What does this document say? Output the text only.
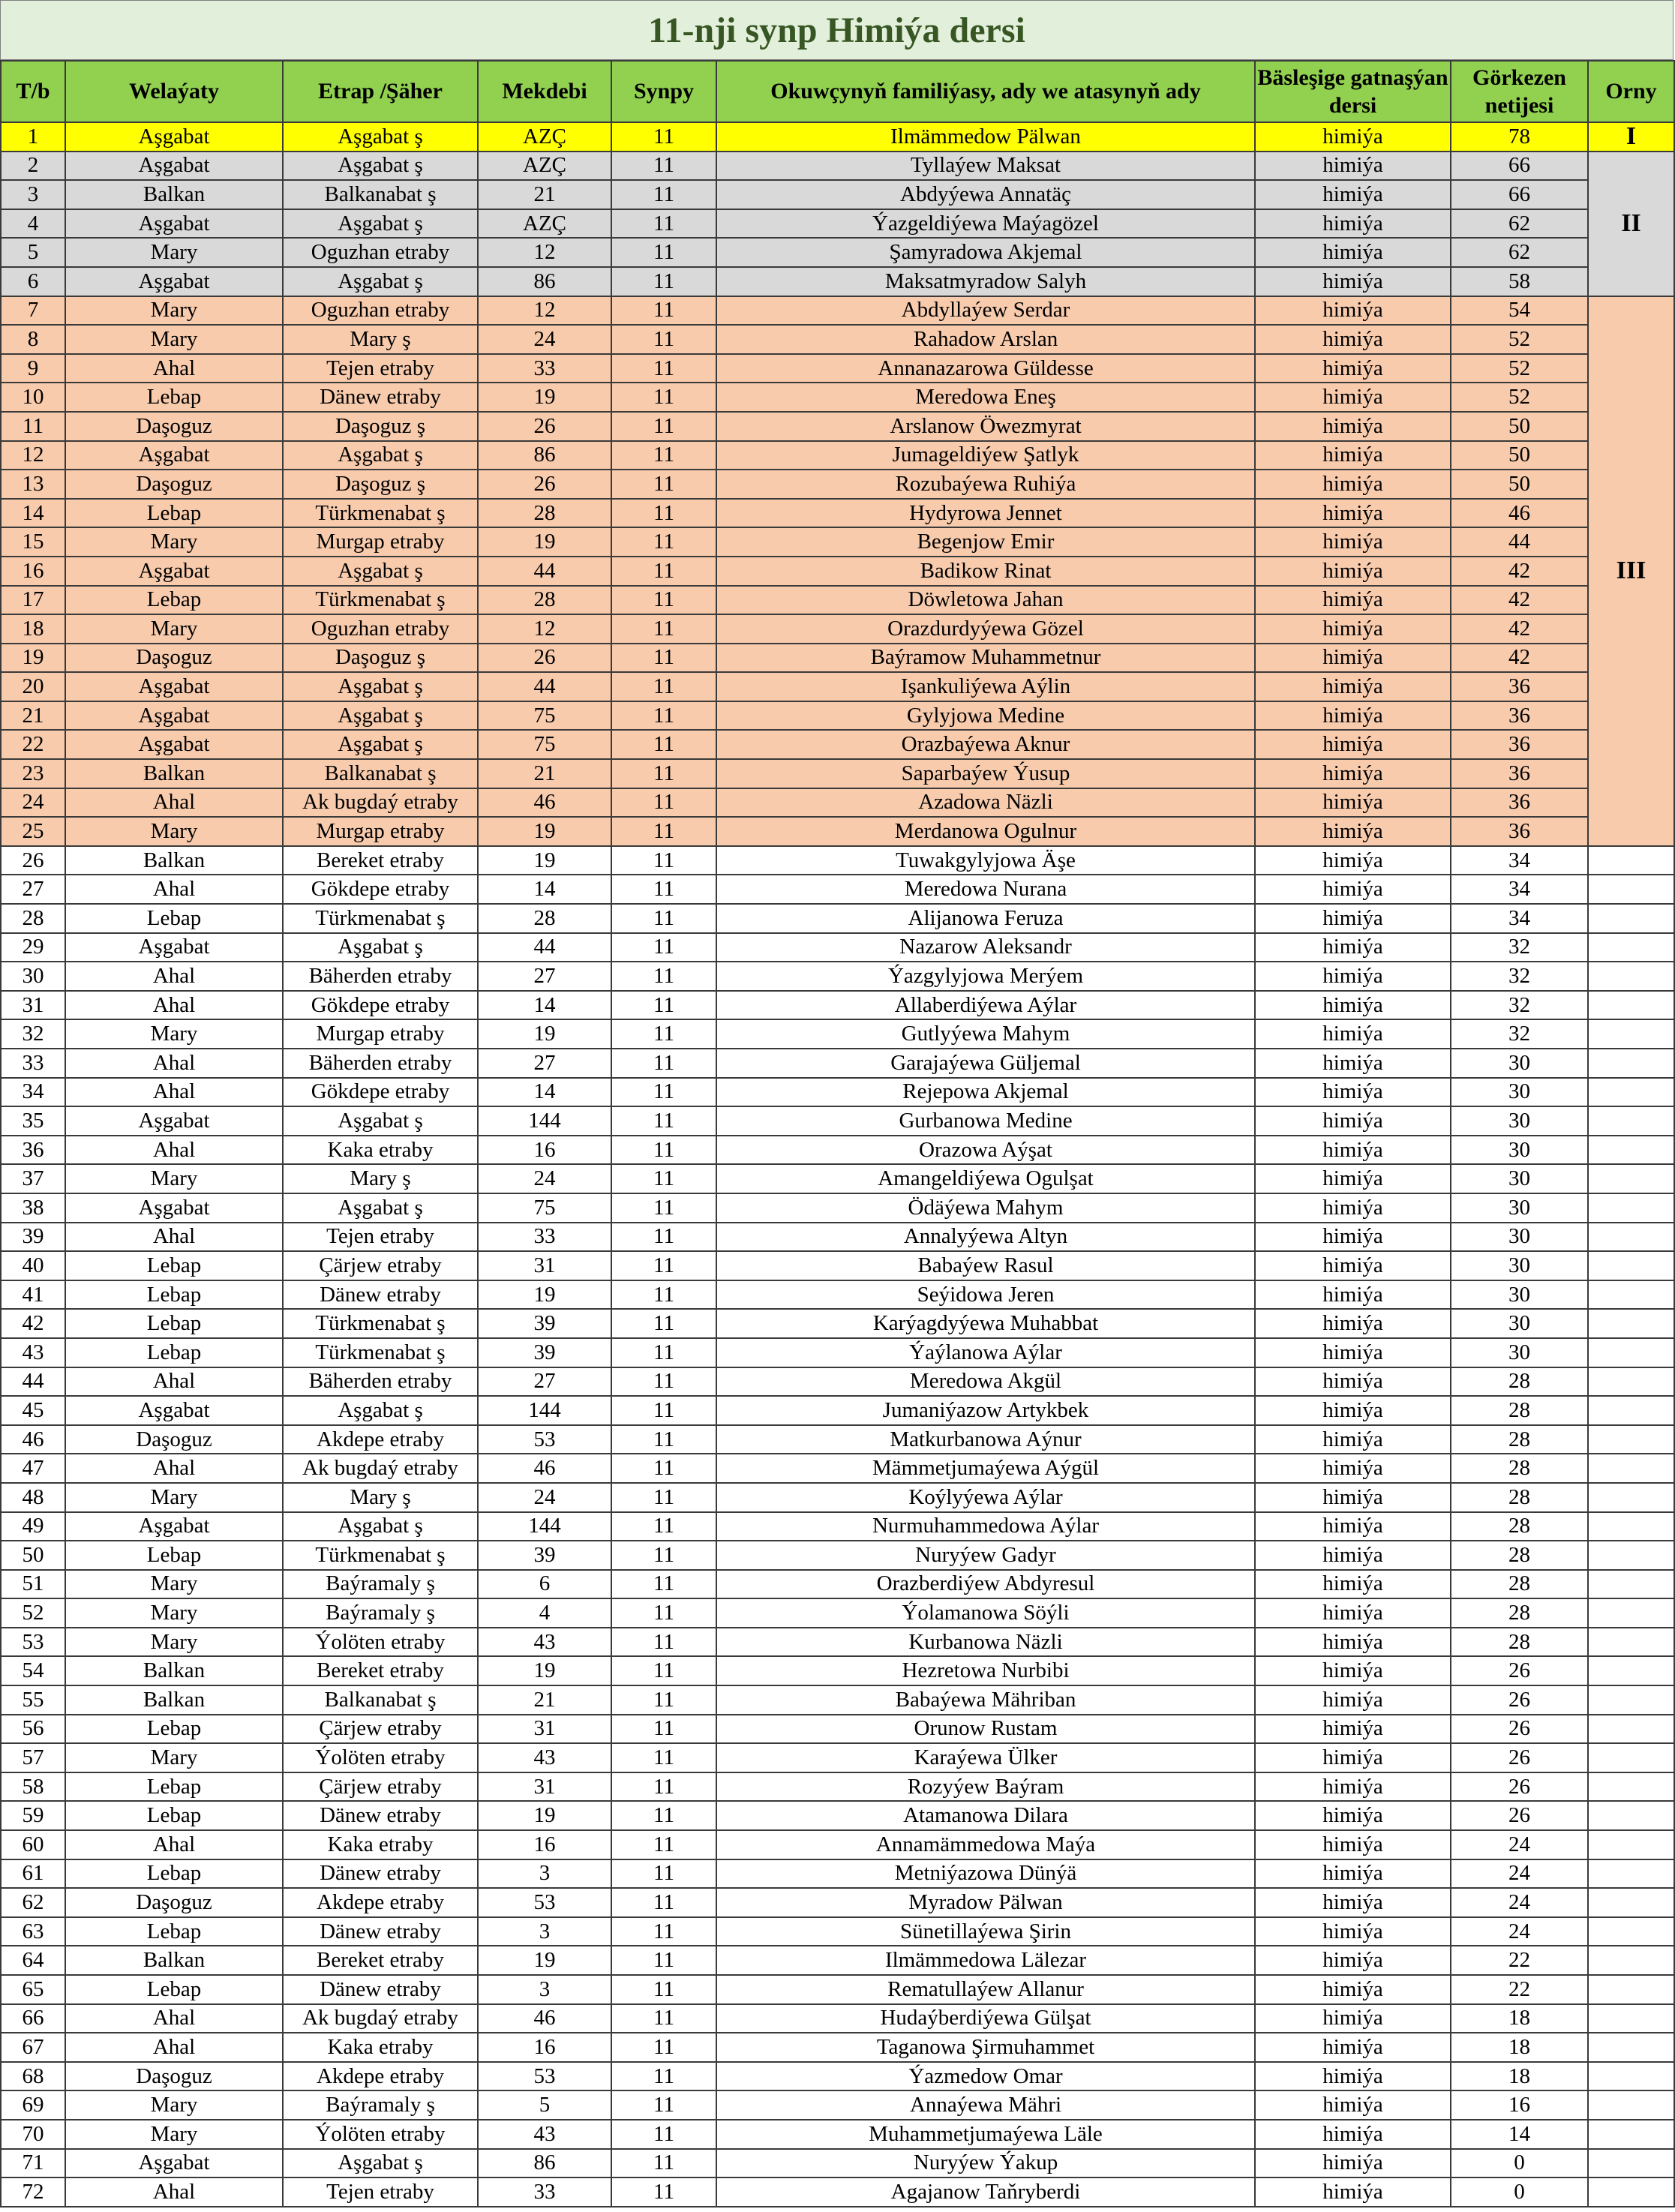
11-nji synp Himiýa dersi
T/b	Welaýaty	Etrap /Şäher	Mekdebi	Synpy	Okuwçynyň familiýasy, ady we atasynyň ady	Bäsleşige gatnaşýan dersi	Görkezen netijesi	Orny
1	Aşgabat	Aşgabat ş	AZÇ	11	Ilmämmedow Pälwan	himiýa	78	I
2	Aşgabat	Aşgabat ş	AZÇ	11	Tyllaýew Maksat	himiýa	66	II
3	Balkan	Balkanabat ş	21	11	Abdyýewa Annatäç	himiýa	66	
4	Aşgabat	Aşgabat ş	AZÇ	11	Ýazgeldiýewa Maýagözel	himiýa	62	
5	Mary	Oguzhan etraby	12	11	Şamyradowa Akjemal	himiýa	62	
6	Aşgabat	Aşgabat ş	86	11	Maksatmyradow Salyh	himiýa	58	
7	Mary	Oguzhan etraby	12	11	Abdyllaýew Serdar	himiýa	54	III
8	Mary	Mary ş	24	11	Rahadow Arslan	himiýa	52	
9	Ahal	Tejen etraby	33	11	Annanazarowa Güldesse	himiýa	52	
10	Lebap	Dänew etraby	19	11	Meredowa Eneş	himiýa	52	
11	Daşoguz	Daşoguz ş	26	11	Arslanow Öwezmyrat	himiýa	50	
12	Aşgabat	Aşgabat ş	86	11	Jumageldiýew Şatlyk	himiýa	50	
13	Daşoguz	Daşoguz ş	26	11	Rozubaýewa Ruhiýa	himiýa	50	
14	Lebap	Türkmenabat ş	28	11	Hydyrowa Jennet	himiýa	46	
15	Mary	Murgap etraby	19	11	Begenjow Emir	himiýa	44	
16	Aşgabat	Aşgabat ş	44	11	Badikow Rinat	himiýa	42	
17	Lebap	Türkmenabat ş	28	11	Döwletowa Jahan	himiýa	42	
18	Mary	Oguzhan etraby	12	11	Orazdurdyýewa Gözel	himiýa	42	
19	Daşoguz	Daşoguz ş	26	11	Baýramow Muhammetnur	himiýa	42	
20	Aşgabat	Aşgabat ş	44	11	Işankuliýewa Aýlin	himiýa	36	
21	Aşgabat	Aşgabat ş	75	11	Gylyjowa Medine	himiýa	36	
22	Aşgabat	Aşgabat ş	75	11	Orazbaýewa Aknur	himiýa	36	
23	Balkan	Balkanabat ş	21	11	Saparbaýew Ýusup	himiýa	36	
24	Ahal	Ak bugdaý etraby	46	11	Azadowa Näzli	himiýa	36	
25	Mary	Murgap etraby	19	11	Merdanowa Ogulnur	himiýa	36	
26	Balkan	Bereket etraby	19	11	Tuwakgylyjowa Äşe	himiýa	34	
27	Ahal	Gökdepe etraby	14	11	Meredowa Nurana	himiýa	34	
28	Lebap	Türkmenabat ş	28	11	Alijanowa Feruza	himiýa	34	
29	Aşgabat	Aşgabat ş	44	11	Nazarow Aleksandr	himiýa	32	
30	Ahal	Bäherden etraby	27	11	Ýazgylyjowa Merýem	himiýa	32	
31	Ahal	Gökdepe etraby	14	11	Allaberdiýewa Aýlar	himiýa	32	
32	Mary	Murgap etraby	19	11	Gutlyýewa Mahym	himiýa	32	
33	Ahal	Bäherden etraby	27	11	Garajaýewa Güljemal	himiýa	30	
34	Ahal	Gökdepe etraby	14	11	Rejepowa Akjemal	himiýa	30	
35	Aşgabat	Aşgabat ş	144	11	Gurbanowa Medine	himiýa	30	
36	Ahal	Kaka etraby	16	11	Orazowa Aýşat	himiýa	30	
37	Mary	Mary ş	24	11	Amangeldiýewa Ogulşat	himiýa	30	
38	Aşgabat	Aşgabat ş	75	11	Ödäýewa Mahym	himiýa	30	
39	Ahal	Tejen etraby	33	11	Annalyýewa Altyn	himiýa	30	
40	Lebap	Çärjew etraby	31	11	Babaýew Rasul	himiýa	30	
41	Lebap	Dänew etraby	19	11	Seýidowa Jeren	himiýa	30	
42	Lebap	Türkmenabat ş	39	11	Karýagdyýewa Muhabbat	himiýa	30	
43	Lebap	Türkmenabat ş	39	11	Ýaýlanowa Aýlar	himiýa	30	
44	Ahal	Bäherden etraby	27	11	Meredowa Akgül	himiýa	28	
45	Aşgabat	Aşgabat ş	144	11	Jumaniýazow Artykbek	himiýa	28	
46	Daşoguz	Akdepe etraby	53	11	Matkurbanowa Aýnur	himiýa	28	
47	Ahal	Ak bugdaý etraby	46	11	Mämmetjumaýewa Aýgül	himiýa	28	
48	Mary	Mary ş	24	11	Koýlyýewa Aýlar	himiýa	28	
49	Aşgabat	Aşgabat ş	144	11	Nurmuhammedowa Aýlar	himiýa	28	
50	Lebap	Türkmenabat ş	39	11	Nuryýew Gadyr	himiýa	28	
51	Mary	Baýramaly ş	6	11	Orazberdiýew Abdyresul	himiýa	28	
52	Mary	Baýramaly ş	4	11	Ýolamanowa Söýli	himiýa	28	
53	Mary	Ýolöten etraby	43	11	Kurbanowa Näzli	himiýa	28	
54	Balkan	Bereket etraby	19	11	Hezretowa Nurbibi	himiýa	26	
55	Balkan	Balkanabat ş	21	11	Babaýewa Mähriban	himiýa	26	
56	Lebap	Çärjew etraby	31	11	Orunow Rustam	himiýa	26	
57	Mary	Ýolöten etraby	43	11	Karaýewa Ülker	himiýa	26	
58	Lebap	Çärjew etraby	31	11	Rozyýew Baýram	himiýa	26	
59	Lebap	Dänew etraby	19	11	Atamanowa Dilara	himiýa	26	
60	Ahal	Kaka etraby	16	11	Annamämmedowa Maýa	himiýa	24	
61	Lebap	Dänew etraby	3	11	Metniýazowa Dünýä	himiýa	24	
62	Daşoguz	Akdepe etraby	53	11	Myradow Pälwan	himiýa	24	
63	Lebap	Dänew etraby	3	11	Sünetillaýewa Şirin	himiýa	24	
64	Balkan	Bereket etraby	19	11	Ilmämmedowa Lälezar	himiýa	22	
65	Lebap	Dänew etraby	3	11	Rematullaýew Allanur	himiýa	22	
66	Ahal	Ak bugdaý etraby	46	11	Hudaýberdiýewa Gülşat	himiýa	18	
67	Ahal	Kaka etraby	16	11	Taganowa Şirmuhammet	himiýa	18	
68	Daşoguz	Akdepe etraby	53	11	Ýazmedow Omar	himiýa	18	
69	Mary	Baýramaly ş	5	11	Annaýewa Mährі	himiýa	16	
70	Mary	Ýolöten etraby	43	11	Muhammetjumaýewa Läle	himiýa	14	
71	Aşgabat	Aşgabat ş	86	11	Nuryýew Ýakup	himiýa	0	
72	Ahal	Tejen etraby	33	11	Agajanow Taňryberdi	himiýa	0	
